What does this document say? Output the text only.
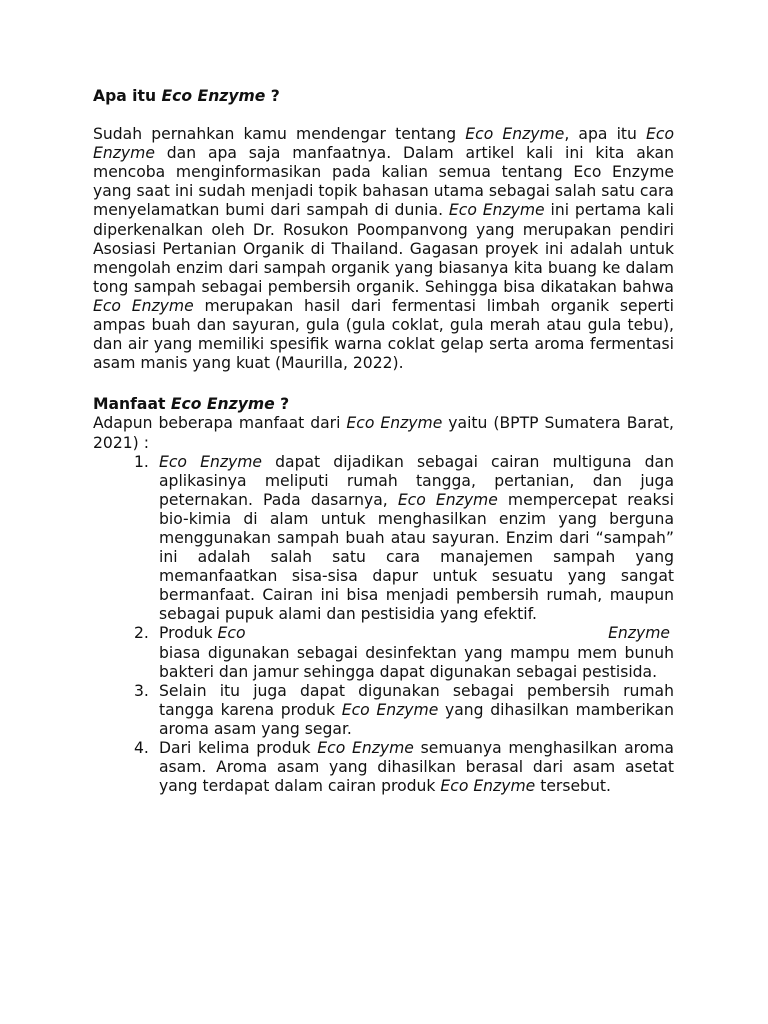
Apa itu Eco Enzyme ?

Sudah pernahkan kamu mendengar tentang Eco Enzyme, apa itu Eco Enzyme dan apa saja manfaatnya. Dalam artikel kali ini kita akan mencoba menginformasikan pada kalian semua tentang Eco Enzyme yang saat ini sudah menjadi topik bahasan utama sebagai salah satu cara menyelamatkan bumi dari sampah di dunia. Eco Enzyme ini pertama kali diperkenalkan oleh Dr. Rosukon Poompanvong yang merupakan pendiri Asosiasi Pertanian Organik di Thailand. Gagasan proyek ini adalah untuk mengolah enzim dari sampah organik yang biasanya kita buang ke dalam tong sampah sebagai pembersih organik. Sehingga bisa dikatakan bahwa Eco Enzyme merupakan hasil dari fermentasi limbah organik seperti ampas buah dan sayuran, gula (gula coklat, gula merah atau gula tebu), dan air yang memiliki spesifik warna coklat gelap serta aroma fermentasi asam manis yang kuat (Maurilla, 2022).

Manfaat Eco Enzyme ?

Adapun beberapa manfaat dari Eco Enzyme yaitu (BPTP Sumatera Barat, 2021) :

1. Eco Enzyme dapat dijadikan sebagai cairan multiguna dan aplikasinya meliputi rumah tangga, pertanian, dan juga peternakan. Pada dasarnya, Eco Enzyme mempercepat reaksi bio-kimia di alam untuk menghasilkan enzim yang berguna menggunakan sampah buah atau sayuran. Enzim dari “sampah” ini adalah salah satu cara manajemen sampah yang memanfaatkan sisa-sisa dapur untuk sesuatu yang sangat bermanfaat. Cairan ini bisa menjadi pembersih rumah, maupun sebagai pupuk alami dan pestisidia yang efektif.
2. Produk Eco	Enzyme
biasa digunakan sebagai desinfektan yang mampu mem bunuh bakteri dan jamur sehingga dapat digunakan sebagai pestisida.
3. Selain itu juga dapat digunakan sebagai pembersih rumah tangga karena produk Eco Enzyme yang dihasilkan mamberikan aroma asam yang segar.
4. Dari kelima produk Eco Enzyme semuanya menghasilkan aroma asam. Aroma asam yang dihasilkan berasal dari asam asetat yang terdapat dalam cairan produk Eco Enzyme tersebut.
